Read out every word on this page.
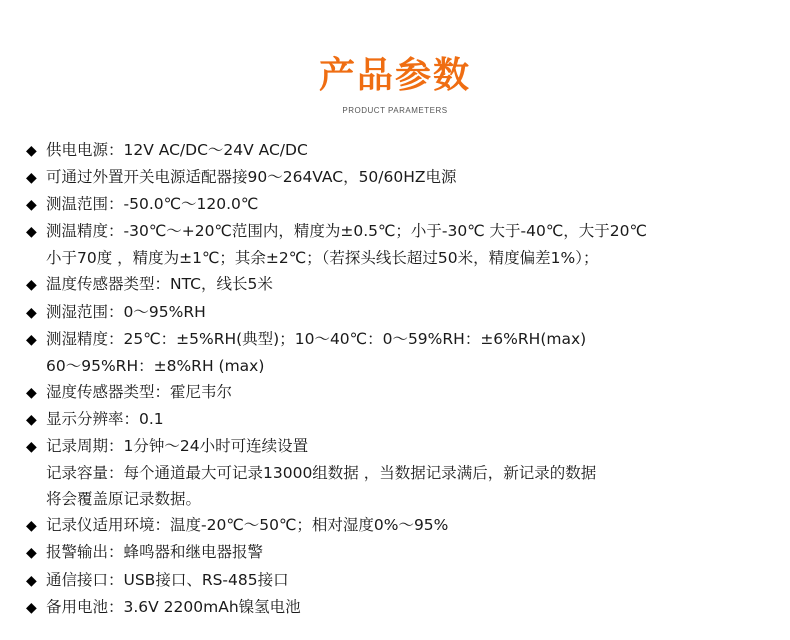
产品参数
PRODUCT PARAMETERS
◆ 供电电源：12V AC/DC～24V AC/DC
◆ 可通过外置开关电源适配器接90～264VAC，50/60HZ电源
◆ 测温范围：-50.0℃～120.0℃
◆ 测温精度：-30℃～+20℃范围内，精度为±0.5℃；小于-30℃ 大于-40℃，大于20℃
小于70度 ，精度为±1℃；其余±2℃；（若探头线长超过50米，精度偏差1%）；
◆ 温度传感器类型：NTC，线长5米
◆ 测湿范围：0～95%RH
◆ 测湿精度：25℃：±5%RH(典型)；10～40℃：0～59%RH：±6%RH(max)
60～95%RH：±8%RH (max)
◆ 湿度传感器类型：霍尼韦尔
◆ 显示分辨率：0.1
◆ 记录周期：1分钟～24小时可连续设置
记录容量：每个通道最大可记录13000组数据 ，当数据记录满后，新记录的数据
将会覆盖原记录数据。
◆ 记录仪适用环境：温度-20℃～50℃；相对湿度0%～95%
◆ 报警输出：蜂鸣器和继电器报警
◆ 通信接口：USB接口、RS-485接口
◆ 备用电池：3.6V 2200mAh镍氢电池
